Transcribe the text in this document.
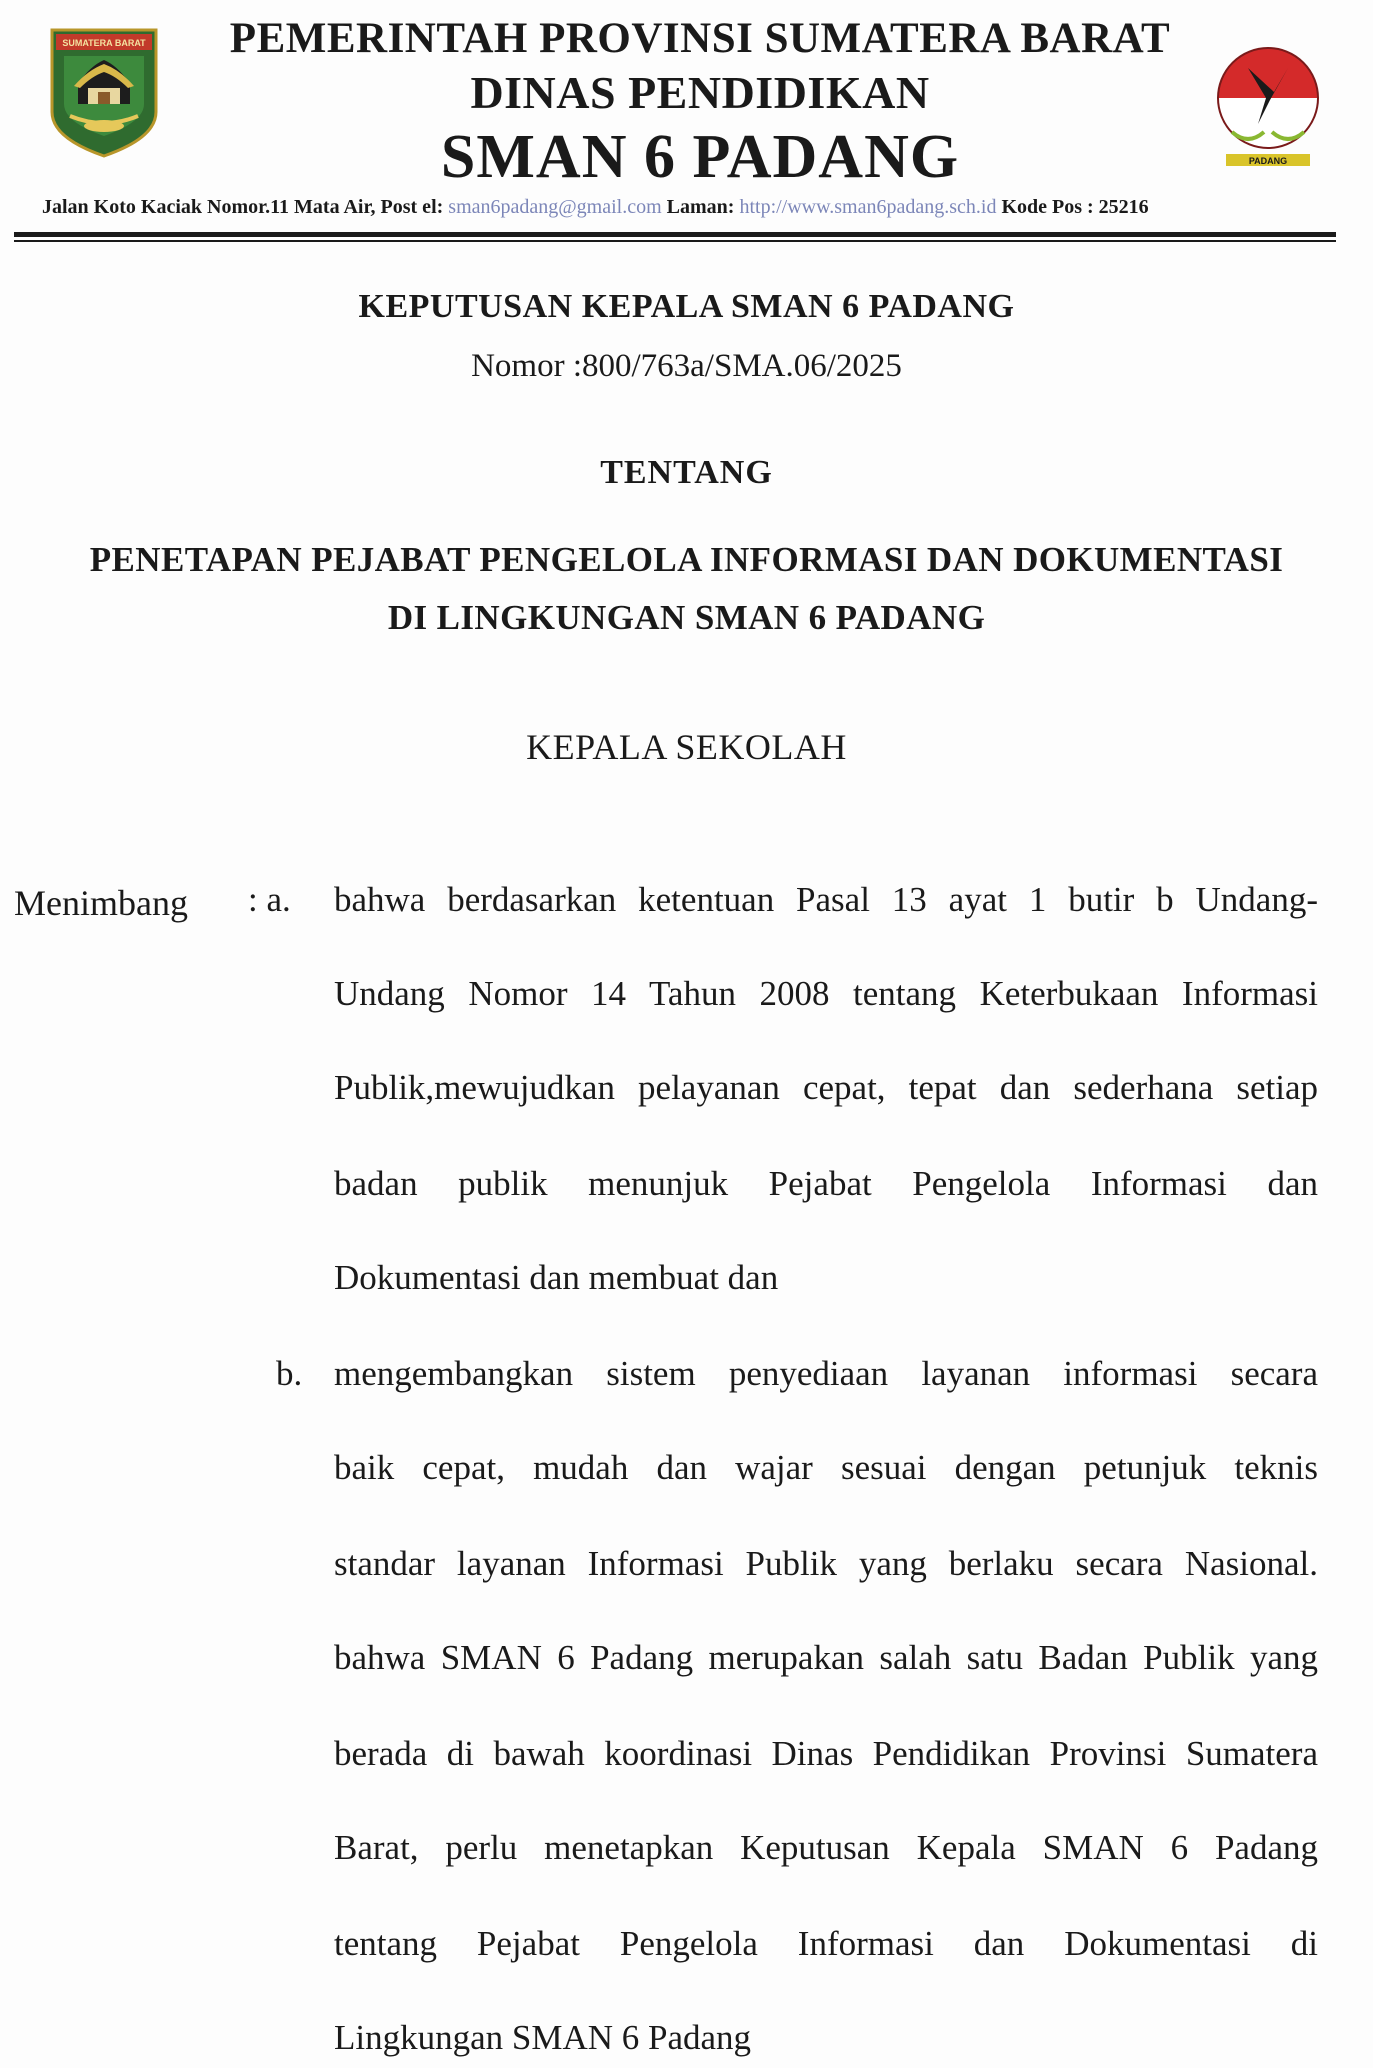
SUMATERA BARAT	PEMERINTAH PROVINSI SUMATERA BARAT
DINAS PENDIDIKAN
SMAN 6 PADANG	PADANG
Jalan Koto Kaciak Nomor.11 Mata Air, Post el: sman6padang@gmail.com Laman: http://www.sman6padang.sch.id Kode Pos : 25216
KEPUTUSAN KEPALA SMAN 6 PADANG
Nomor :800/763a/SMA.06/2025
TENTANG
PENETAPAN PEJABAT PENGELOLA INFORMASI DAN DOKUMENTASI
DI LINGKUNGAN SMAN 6 PADANG
KEPALA SEKOLAH
Menimbang : a.
b.
bahwa berdasarkan ketentuan Pasal 13 ayat 1 butir b Undang-
Undang Nomor 14 Tahun 2008 tentang Keterbukaan Informasi
Publik,mewujudkan pelayanan cepat, tepat dan sederhana setiap
badan publik menunjuk Pejabat Pengelola Informasi dan
Dokumentasi dan membuat dan
mengembangkan sistem penyediaan layanan informasi secara
baik cepat, mudah dan wajar sesuai dengan petunjuk teknis
standar layanan Informasi Publik yang berlaku secara Nasional.
bahwa SMAN 6 Padang merupakan salah satu Badan Publik yang
berada di bawah koordinasi Dinas Pendidikan Provinsi Sumatera
Barat, perlu menetapkan Keputusan Kepala SMAN 6 Padang
tentang Pejabat Pengelola Informasi dan Dokumentasi di
Lingkungan SMAN 6 Padang
